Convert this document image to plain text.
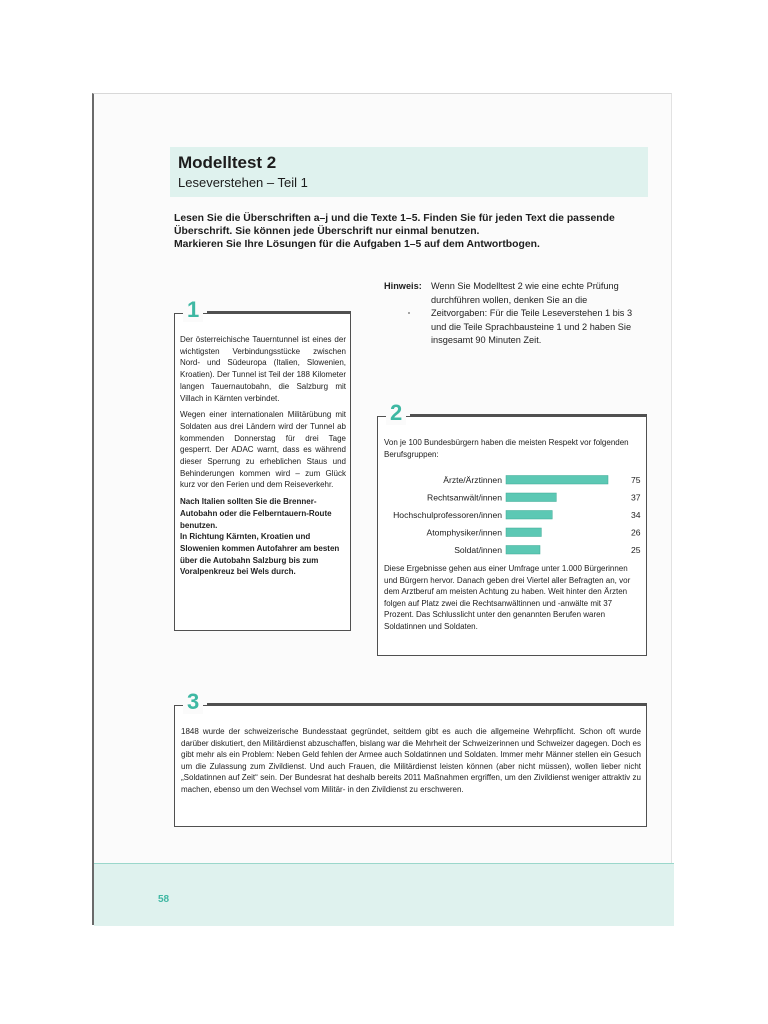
Modelltest 2
Leseverstehen – Teil 1

Lesen Sie die Überschriften a–j und die Texte 1–5. Finden Sie für jeden Text die passende Überschrift. Sie können jede Überschrift nur einmal benutzen.

Markieren Sie Ihre Lösungen für die Aufgaben 1–5 auf dem Antwortbogen.

Hinweis: Wenn Sie Modelltest 2 wie eine echte Prüfung durchführen wollen, denken Sie an die Zeitvorgaben: Für die Teile Leseverstehen 1 bis 3 und die Teile Sprachbausteine 1 und 2 haben Sie insgesamt 90 Minuten Zeit.
1

Der österreichische Tauerntunnel ist eines der wichtigsten Verbindungsstücke zwischen Nord- und Südeuropa (Italien, Slowenien, Kroatien). Der Tunnel ist Teil der 188 Kilometer langen Tauernautobahn, die Salzburg mit Villach in Kärnten verbindet.

Wegen einer internationalen Militärübung mit Soldaten aus drei Ländern wird der Tunnel ab kommenden Donnerstag für drei Tage gesperrt. Der ADAC warnt, dass es während dieser Sperrung zu erheblichen Staus und Behinderungen kommen wird – zum Glück kurz vor den Ferien und dem Reiseverkehr.

Nach Italien sollten Sie die Brenner-Autobahn oder die Felberntauern-Route benutzen.

In Richtung Kärnten, Kroatien und Slowenien kommen Autofahrer am besten über die Autobahn Salzburg bis zum Voralpenkreuz bei Wels durch.

2
Von je 100 Bundesbürgern haben die meisten Respekt vor folgenden Berufsgruppen:
Ärzte/Ärztinnen	75
Rechtsanwält/innen	37
Hochschulprofessoren/innen	34
Atomphysiker/innen	26
Soldat/innen	25
Diese Ergebnisse gehen aus einer Umfrage unter 1.000 Bürgerinnen und Bürgern hervor. Danach geben drei Viertel aller Befragten an, vor dem Arztberuf am meisten Achtung zu haben. Weit hinter den Ärzten folgen auf Platz zwei die Rechtsanwältinnen und -anwälte mit 37 Prozent. Das Schlusslicht unter den genannten Berufen waren Soldatinnen und Soldaten.
3
1848 wurde der schweizerische Bundesstaat gegründet, seitdem gibt es auch die allgemeine Wehrpflicht. Schon oft wurde darüber diskutiert, den Militärdienst abzuschaffen, bislang war die Mehrheit der Schweizerinnen und Schweizer dagegen. Doch es gibt mehr als ein Problem: Neben Geld fehlen der Armee auch Soldatinnen und Soldaten. Immer mehr Männer stellen ein Gesuch um die Zulassung zum Zivildienst. Und auch Frauen, die Militärdienst leisten können (aber nicht müssen), wollen lieber nicht „Soldatinnen auf Zeit“ sein. Der Bundesrat hat deshalb bereits 2011 Maßnahmen ergriffen, um den Zivildienst weniger attraktiv zu machen, ebenso um den Wechsel vom Militär- in den Zivildienst zu erschweren.
58
